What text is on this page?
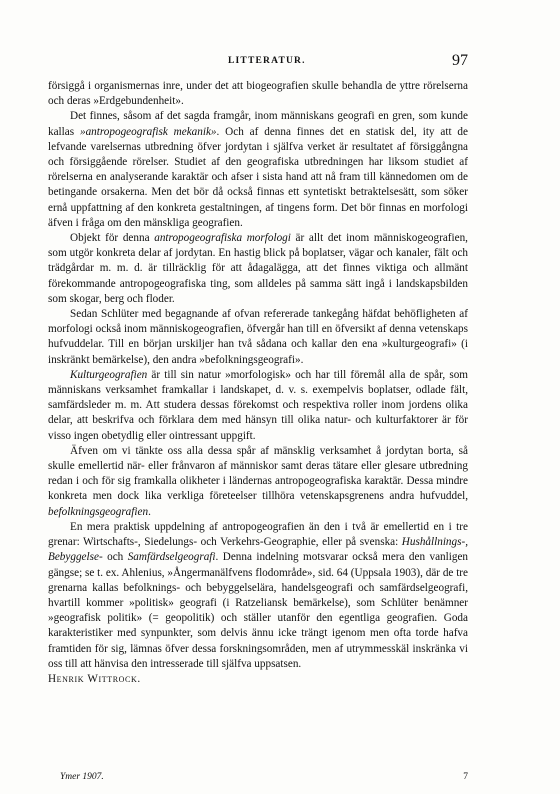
LITTERATUR.	97

försiggå i organismernas inre, under det att biogeografien skulle behandla de yttre rörelserna och deras »Erdgebundenheit».

Det finnes, såsom af det sagda framgår, inom människans geografi en gren, som kunde kallas »antropogeografisk mekanik». Och af denna finnes det en statisk del, ity att de lefvande varelsernas utbredning öfver jordytan i själfva verket är resultatet af försiggångna och försiggående rörelser. Studiet af den geografiska utbredningen har liksom studiet af rörelserna en analyserande karaktär och afser i sista hand att nå fram till kännedomen om de betingande orsakerna. Men det bör då också finnas ett syntetiskt betraktelsesätt, som söker ernå uppfattning af den konkreta gestaltningen, af tingens form. Det bör finnas en morfologi äfven i fråga om den mänskliga geografien.

Objekt för denna antropogeografiska morfologi är allt det inom människogeografien, som utgör konkreta delar af jordytan. En hastig blick på boplatser, vägar och kanaler, fält och trädgårdar m. m. d. är tillräcklig för att ådagalägga, att det finnes viktiga och allmänt förekommande antropogeografiska ting, som alldeles på samma sätt ingå i landskapsbilden som skogar, berg och floder.

Sedan Schlüter med begagnande af ofvan refererade tankegång häfdat behöfligheten af morfologi också inom människogeografien, öfvergår han till en öfversikt af denna vetenskaps hufvuddelar. Till en början urskiljer han två sådana och kallar den ena »kulturgeografi» (i inskränkt bemärkelse), den andra »befolkningsgeografi».

Kulturgeografien är till sin natur »morfologisk» och har till föremål alla de spår, som människans verksamhet framkallar i landskapet, d. v. s. exempelvis boplatser, odlade fält, samfärdsleder m. m. Att studera dessas förekomst och respektiva roller inom jordens olika delar, att beskrifva och förklara dem med hänsyn till olika natur- och kulturfaktorer är för visso ingen obetydlig eller ointressant uppgift.

Äfven om vi tänkte oss alla dessa spår af mänsklig verksamhet å jordytan borta, så skulle emellertid när- eller frånvaron af människor samt deras tätare eller glesare utbredning redan i och för sig framkalla olikheter i ländernas antropogeografiska karaktär. Dessa mindre konkreta men dock lika verkliga företeelser tillhöra vetenskapsgrenens andra hufvuddel, befolkningsgeografien.

En mera praktisk uppdelning af antropogeografien än den i två är emellertid en i tre grenar: Wirtschafts-, Siedelungs- och Verkehrs-Geographie, eller på svenska: Hushållnings-, Bebyggelse- och Samfärdselgeografi. Denna indelning motsvarar också mera den vanligen gängse; se t. ex. Ahlenius, »Ångermanälfvens flodområde», sid. 64 (Uppsala 1903), där de tre grenarna kallas befolknings- och bebyggelselära, handelsgeografi och samfärdselgeografi, hvartill kommer »politisk» geografi (i Ratzeliansk bemärkelse), som Schlüter benämner »geografisk politik» (= geopolitik) och ställer utanför den egentliga geografien. Goda karakteristiker med synpunkter, som delvis ännu icke trängt igenom men ofta torde hafva framtiden för sig, lämnas öfver dessa forskningsområden, men af utrymmesskäl inskränka vi oss till att hänvisa den intresserade till själfva uppsatsen.

Henrik Wittrock.

Ymer 1907.	7
